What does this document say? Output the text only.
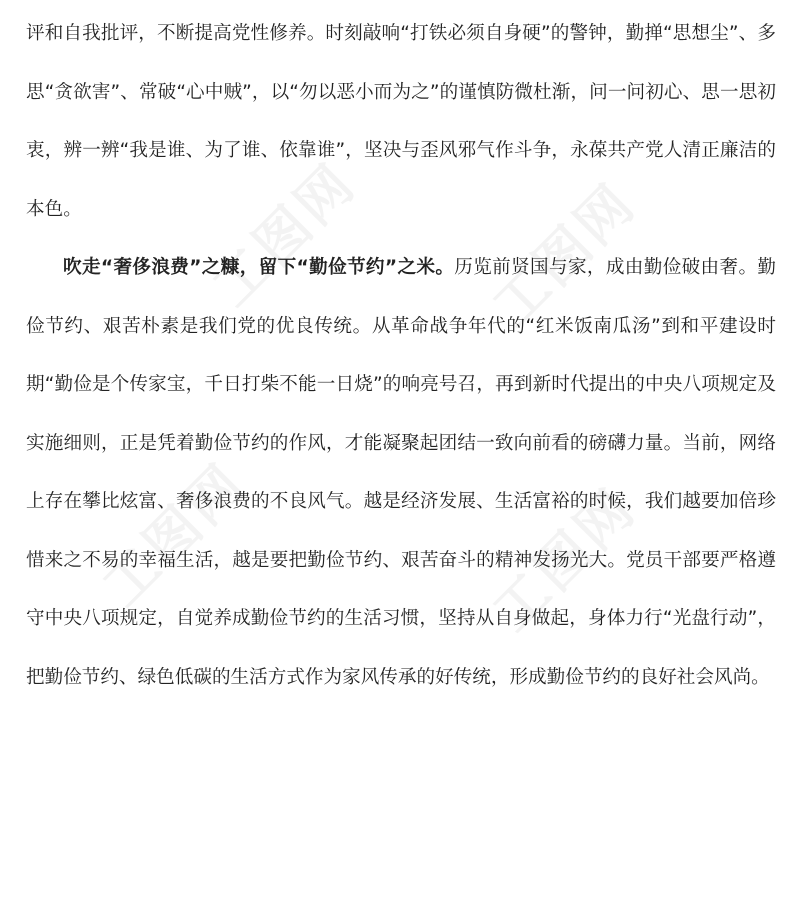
评和自我批评，不断提高党性修养。时刻敲响“打铁必须自身硬”的警钟，勤掸“思想尘”、多思“贪欲害”、常破“心中贼”，以“勿以恶小而为之”的谨慎防微杜渐，问一问初心、思一思初衷，辨一辨“我是谁、为了谁、依靠谁”，坚决与歪风邪气作斗争，永葆共产党人清正廉洁的本色。

吹走“奢侈浪费”之糠，留下“勤俭节约”之米。历览前贤国与家，成由勤俭破由奢。勤俭节约、艰苦朴素是我们党的优良传统。从革命战争年代的“红米饭南瓜汤”到和平建设时期“勤俭是个传家宝，千日打柴不能一日烧”的响亮号召，再到新时代提出的中央八项规定及实施细则，正是凭着勤俭节约的作风，才能凝聚起团结一致向前看的磅礴力量。当前，网络上存在攀比炫富、奢侈浪费的不良风气。越是经济发展、生活富裕的时候，我们越要加倍珍惜来之不易的幸福生活，越是要把勤俭节约、艰苦奋斗的精神发扬光大。党员干部要严格遵守中央八项规定，自觉养成勤俭节约的生活习惯，坚持从自身做起，身体力行“光盘行动”，把勤俭节约、绿色低碳的生活方式作为家风传承的好传统，形成勤俭节约的良好社会风尚。
